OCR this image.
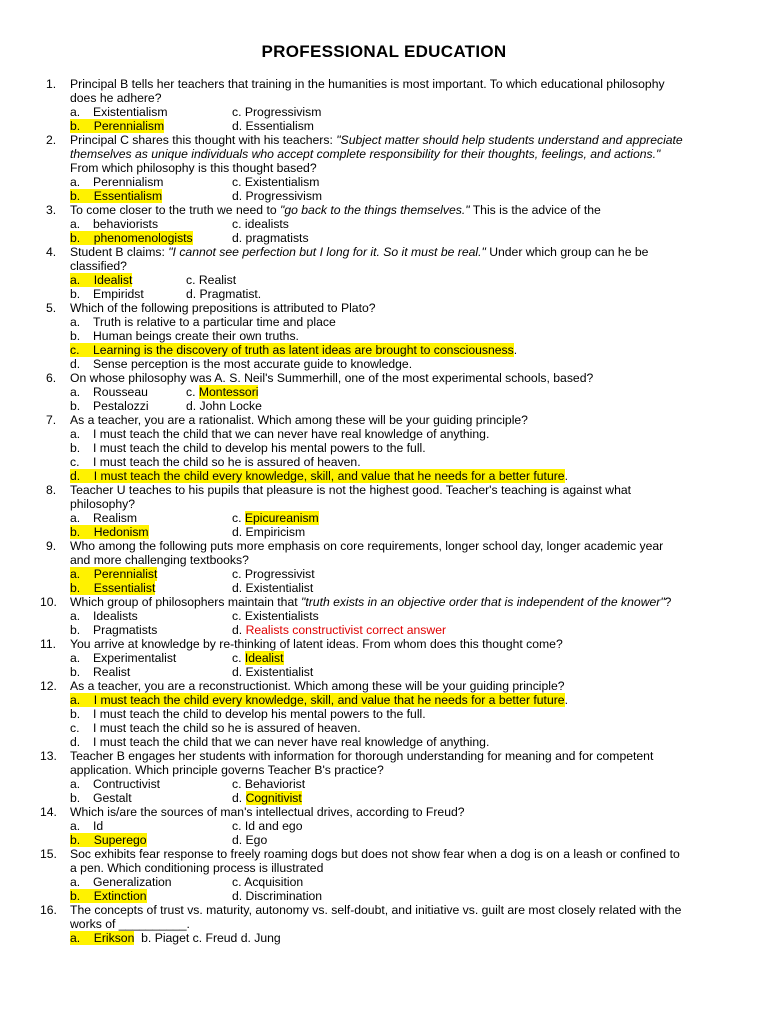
PROFESSIONAL EDUCATION
1. Principal B tells her teachers that training in the humanities is most important. To which educational philosophy
does he adhere?
a. Existentialism	c. Progressivism
b. Perennialism	d. Essentialism
2. Principal C shares this thought with his teachers: "Subject matter should help students understand and appreciate
themselves as unique individuals who accept complete responsibility for their thoughts, feelings, and actions."
From which philosophy is this thought based?
a. Perennialism	c. Existentialism
b. Essentialism	d. Progressivism
3. To come closer to the truth we need to "go back to the things themselves." This is the advice of the
a. behaviorists	c. idealists
b. phenomenologists	d. pragmatists
4. Student B claims: "I cannot see perfection but I long for it. So it must be real." Under which group can he be
classified?
a. Idealist	c. Realist
b. Empiridst	d. Pragmatist.
5. Which of the following prepositions is attributed to Plato?
a. Truth is relative to a particular time and place
b. Human beings create their own truths.
c. Learning is the discovery of truth as latent ideas are brought to consciousness.
d. Sense perception is the most accurate guide to knowledge.
6. On whose philosophy was A. S. Neil's Summerhill, one of the most experimental schools, based?
a. Rousseau	c. Montessori
b. Pestalozzi	d. John Locke
7. As a teacher, you are a rationalist. Which among these will be your guiding principle?
a. I must teach the child that we can never have real knowledge of anything.
b. I must teach the child to develop his mental powers to the full.
c. I must teach the child so he is assured of heaven.
d. I must teach the child every knowledge, skill, and value that he needs for a better future.
8. Teacher U teaches to his pupils that pleasure is not the highest good. Teacher's teaching is against what
philosophy?
a. Realism	c. Epicureanism
b. Hedonism	d. Empiricism
9. Who among the following puts more emphasis on core requirements, longer school day, longer academic year
and more challenging textbooks?
a. Perennialist	c. Progressivist
b. Essentialist	d. Existentialist
10. Which group of philosophers maintain that "truth exists in an objective order that is independent of the knower"?
a. Idealists	c. Existentialists
b. Pragmatists	d. Realists constructivist correct answer
11. You arrive at knowledge by re-thinking of latent ideas. From whom does this thought come?
a. Experimentalist	c. Idealist
b. Realist	d. Existentialist
12. As a teacher, you are a reconstructionist. Which among these will be your guiding principle?
a. I must teach the child every knowledge, skill, and value that he needs for a better future.
b. I must teach the child to develop his mental powers to the full.
c. I must teach the child so he is assured of heaven.
d. I must teach the child that we can never have real knowledge of anything.
13. Teacher B engages her students with information for thorough understanding for meaning and for competent
application. Which principle governs Teacher B's practice?
a. Contructivist	c. Behaviorist
b. Gestalt	d. Cognitivist
14. Which is/are the sources of man's intellectual drives, according to Freud?
a. Id	c. Id and ego
b. Superego	d. Ego
15. Soc exhibits fear response to freely roaming dogs but does not show fear when a dog is on a leash or confined to
a pen. Which conditioning process is illustrated
a. Generalization	c. Acquisition
b. Extinction	d. Discrimination
16. The concepts of trust vs. maturity, autonomy vs. self-doubt, and initiative vs. guilt are most closely related with the
works of __________.
a. Erikson b. Piaget c. Freud d. Jung
